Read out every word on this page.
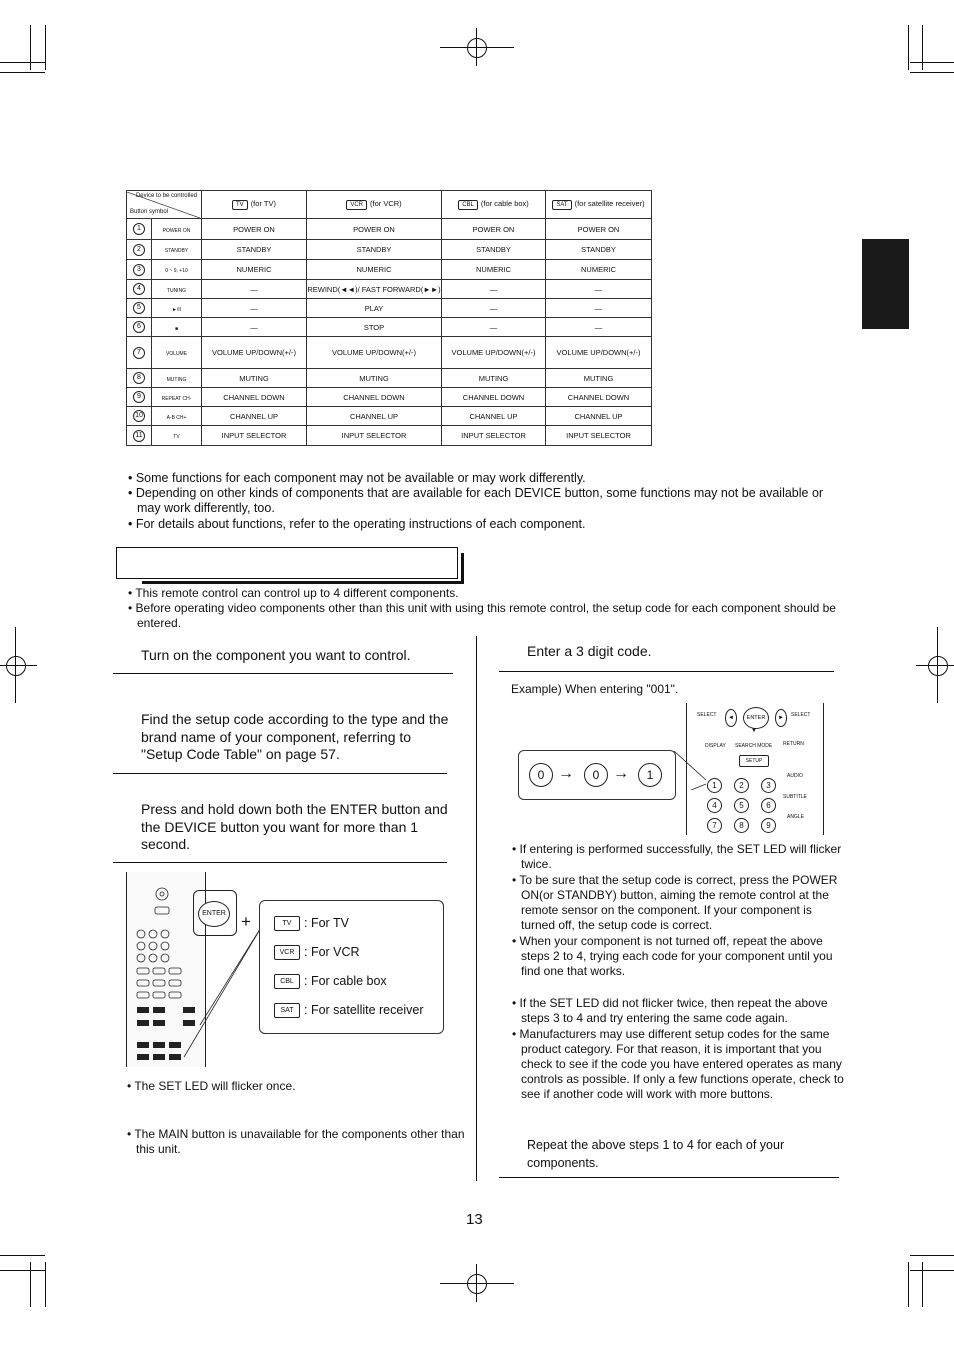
Device to be controlled
Button symbol		TV (for TV)	VCR (for VCR)	CBL (for cable box)	SAT (for satellite receiver)
1	POWER ON	POWER ON	POWER ON	POWER ON	POWER ON
2	STANDBY	STANDBY	STANDBY	STANDBY	STANDBY
3	0 ~ 9, +10	NUMERIC	NUMERIC	NUMERIC	NUMERIC
4	TUNING	—	REWIND(◄◄)/ FAST FORWARD(►►)	—	—
5	►/II	—	PLAY	—	—
6	■	—	STOP	—	—
7	VOLUME	VOLUME UP/DOWN(+/-)	VOLUME UP/DOWN(+/-)	VOLUME UP/DOWN(+/-)	VOLUME UP/DOWN(+/-)
8	MUTING	MUTING	MUTING	MUTING	MUTING
9	REPEAT CH-	CHANNEL DOWN	CHANNEL DOWN	CHANNEL DOWN	CHANNEL DOWN
10	A-B CH+	CHANNEL UP	CHANNEL UP	CHANNEL UP	CHANNEL UP
11	TV	INPUT SELECTOR	INPUT SELECTOR	INPUT SELECTOR	INPUT SELECTOR
• Some functions for each component may not be available or may work differently.
• Depending on other kinds of components that are available for each DEVICE button, some functions may not be available or may work differently, too.
• For details about functions, refer to the operating instructions of each component.
• This remote control can control up to 4 different components.
• Before operating video components other than this unit with using this remote control, the setup code for each component should be entered.
Turn on the component you want to control.
Find the setup code according to the type and the brand name of your component, referring to "Setup Code Table" on page 57.
Press and hold down both the ENTER button and the DEVICE button you want for more than 1 second.
ENTER +	TV : For TV
VCR : For VCR
CBL : For cable box
SAT : For satellite receiver
• The SET LED will flicker once.
• The MAIN button is unavailable for the components other than this unit.
Enter a 3 digit code.
Example) When entering "001".
SELECT	ENTER
◄	►	SELECT
▼
DISPLAY SEARCH MODE RETURN
SETUP
AUDIO
SUBTITLE
ANGLE
1	2	3
4	5	6
7	8	9
0 →	0 →	1
• If entering is performed successfully, the SET LED will flicker twice.
• To be sure that the setup code is correct, press the POWER ON(or STANDBY) button, aiming the remote control at the remote sensor on the component. If your component is turned off, the setup code is correct.
• When your component is not turned off, repeat the above steps 2 to 4, trying each code for your component until you find one that works.
• If the SET LED did not flicker twice, then repeat the above steps 3 to 4 and try entering the same code again.
• Manufacturers may use different setup codes for the same product category. For that reason, it is important that you check to see if the code you have entered operates as many controls as possible. If only a few functions operate, check to see if another code will work with more buttons.
Repeat the above steps 1 to 4 for each of your components.
13
